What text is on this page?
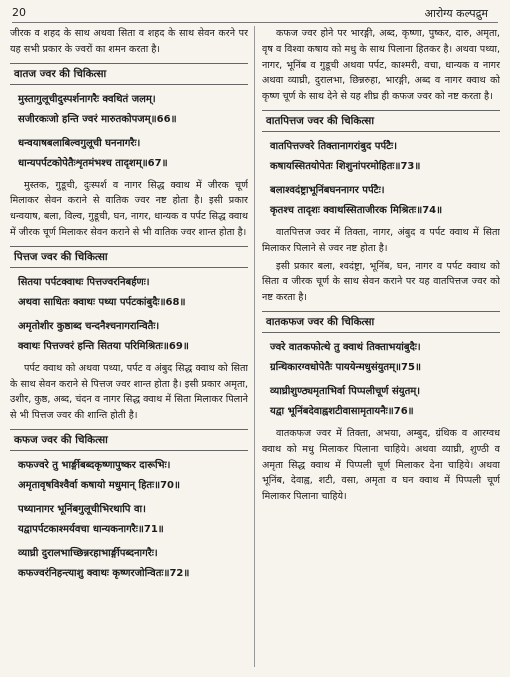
20	आरोग्य कल्पद्रुम

जीरक व शहद के साथ अथवा सिता व शहद के साथ सेवन करने पर यह सभी प्रकार के ज्वरों का शमन करता है।

वातज ज्वर की चिकित्सा
मुस्तागुलूचीदुस्पर्शनागरैः क्वथितं जलम्।
सजीरकःजो हन्ति ज्वरं मारुतकोपजम्॥66॥
धन्वयाषबलाबिल्वगुलूची घननागरैः।
धान्यपर्पटकोपेतैःशृतमंभश्च तादृशम्॥67॥

मुस्तक, गुडूची, दुःस्पर्श व नागर सिद्ध क्वाथ में जीरक चूर्ण मिलाकर सेवन कराने से वातिक ज्वर नष्ट होता है। इसी प्रकार धन्वयाष, बला, विल्व, गुडूची, घन, नागर, धान्यक व पर्पट सिद्ध क्वाथ में जीरक चूर्ण मिलाकर सेवन कराने से भी वातिक ज्वर शान्त होता है।

पित्तज ज्वर की चिकित्सा
सितया पर्पटक्वाथः पित्तज्वरनिबर्हणः।
अथवा साधितः क्वाथः पथ्या पर्पटकांबुदैः॥68॥
अमृतोशीर कुष्ठाब्द चन्दनैश्चनागरान्वितैः।
क्वाथः पित्तज्वरं हन्ति सितया परिमिश्रितः॥69॥

पर्पट क्वाथ को अथवा पथ्या, पर्पट व अंबुद सिद्ध क्वाथ को सिता के साथ सेवन कराने से पित्तज ज्वर शान्त होता है। इसी प्रकार अमृता, उशीर, कुष्ठ, अब्द, चंदन व नागर सिद्ध क्वाथ में सिता मिलाकर पिलाने से भी पित्तज ज्वर की शान्ति होती है।

कफज ज्वर की चिकित्सा
कफज्वरे तु भार्ङ्गीबब्दकृष्णापुष्कर दारूभिः।
अमृतावृषविश्वैर्वा कषायो मधुमान् हितः॥70॥
पथ्यानागर भूनिंबगुलूचीभिरथापि वा।
यद्वापर्पटकाश्मर्यवचा धान्यकनागरैः॥71॥
व्याघ्री दुरालभाच्छिन्नरहाभार्ङ्गीपब्दनागरैः।
कफज्वरंनिहन्त्याशु क्वाथः कृष्णरजोन्वितः॥72॥

कफज ज्वर होने पर भारङ्गी, अब्द, कृष्णा, पुष्कर, दारु, अमृता, वृष व विश्वा कषाय को मधु के साथ पिलाना हितकर है। अथवा पथ्या, नागर, भूनिंब व गुडूची अथवा पर्पट, काश्मरी, वचा, धान्यक व नागर अथवा व्याघ्री, दुरालभा, छिन्नरुहा, भारङ्गी, अब्द व नागर क्वाथ को कृष्ण चूर्ण के साथ देने से यह शीघ्र ही कफज ज्वर को नष्ट करता है।

वातपित्तज ज्वर की चिकित्सा
वातपित्तज्वरे तिक्तानागरांबुद पर्पटैः।
कषायस्सितयोपेतः शिशुनांपरमोहितः॥73॥
बलाश्वदंष्ट्राभूनिंबघननागर पर्पटैः।
कृतश्च तादृशः क्वाथस्सिताजीरक मिश्रितः॥74॥

वातपित्तज ज्वर में तिक्ता, नागर, अंबुद व पर्पट क्वाथ में सिता मिलाकर पिलाने से ज्वर नष्ट होता है।

इसी प्रकार बला, श्वदंष्ट्रा, भूनिंब, घन, नागर व पर्पट क्वाथ को सिता व जीरक चूर्ण के साथ सेवन कराने पर यह वातपित्तज ज्वर को नष्ट करता है।

वातकफज ज्वर की चिकित्सा
ज्वरे वातकफोत्थे तु क्वाथं तिक्ताभयांबुदैः।
ग्रन्थिकारग्वधोपेतैः पाययेन्मधुसंयुतम्॥75॥
व्याघ्रीशुण्ठ्यमृताभिर्वा पिप्पलीचूर्ण संयुतम्।
यद्वा भूनिंबदेवाह्वशटीवासामृतायनैः॥76॥

वातकफज ज्वर में तिक्ता, अभया, अम्बुद, ग्रंथिक व आरग्वध क्वाथ को मधु मिलाकर पिलाना चाहिये। अथवा व्याघ्री, शुण्ठी व अमृता सिद्ध क्वाथ में पिप्पली चूर्ण मिलाकर देना चाहिये। अथवा भूनिंब, देवाह्व, शटी, वसा, अमृता व घन क्वाथ में पिप्पली चूर्ण मिलाकर पिलाना चाहिये।
